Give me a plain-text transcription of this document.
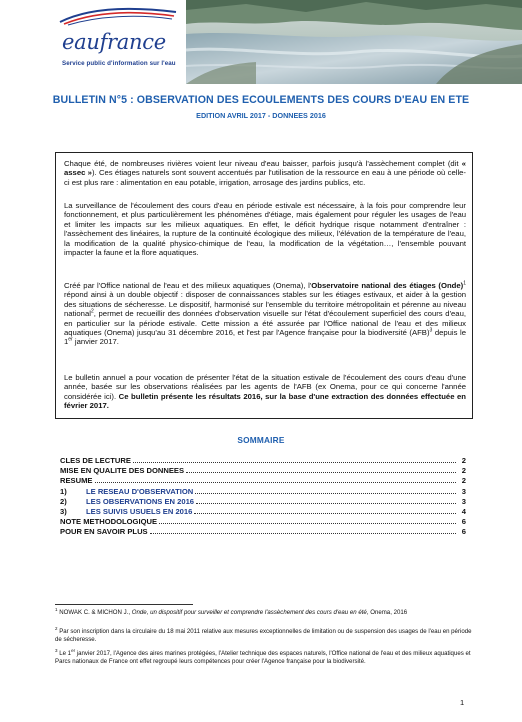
eaufrance
Service public d'information sur l'eau
BULLETIN N°5 : OBSERVATION DES ECOULEMENTS DES COURS D'EAU EN ETE
EDITION AVRIL 2017 - DONNEES 2016

Chaque été, de nombreuses rivières voient leur niveau d'eau baisser, parfois jusqu'à l'assèchement complet (dit « assec »). Ces étiages naturels sont souvent accentués par l'utilisation de la ressource en eau à une période où celle-ci est plus rare : alimentation en eau potable, irrigation, arrosage des jardins publics, etc.

La surveillance de l'écoulement des cours d'eau en période estivale est nécessaire, à la fois pour comprendre leur fonctionnement, et plus particulièrement les phénomènes d'étiage, mais également pour réguler les usages de l'eau et limiter les impacts sur les milieux aquatiques. En effet, le déficit hydrique risque notamment d'entraîner : l'assèchement des linéaires, la rupture de la continuité écologique des milieux, l'élévation de la température de l'eau, la modification de la qualité physico-chimique de l'eau, la modification de la végétation…, l'ensemble pouvant impacter la faune et la flore aquatiques.

Créé par l'Office national de l'eau et des milieux aquatiques (Onema), l'Observatoire national des étiages (Onde)$^1$ répond ainsi à un double objectif : disposer de connaissances stables sur les étiages estivaux, et aider à la gestion des situations de sécheresse. Le dispositif, harmonisé sur l'ensemble du territoire métropolitain et pérenne au niveau national$^2$, permet de recueillir des données d'observation visuelle sur l'état d'écoulement superficiel des cours d'eau, en particulier sur la période estivale. Cette mission a été assurée par l'Office national de l'eau et des milieux aquatiques (Onema) jusqu'au 31 décembre 2016, et l'est par l'Agence française pour la biodiversité (AFB)$^3$ depuis le 1er janvier 2017.

Le bulletin annuel a pour vocation de présenter l'état de la situation estivale de l'écoulement des cours d'eau d'une année, basée sur les observations réalisées par les agents de l'AFB (ex Onema, pour ce qui concerne l'année considérée ici). Ce bulletin présente les résultats 2016, sur la base d'une extraction des données effectuée en février 2017.

SOMMAIRE
CLES DE LECTURE	2
MISE EN QUALITE DES DONNEES	2
RESUME	2
1)	LE RESEAU D'OBSERVATION	3
2)	LES OBSERVATIONS EN 2016	3
3)	LES SUIVIS USUELS EN 2016	4
NOTE METHODOLOGIQUE	6
POUR EN SAVOIR PLUS	6
$^1$ NOWAK C. & MICHON J., Onde, un dispositif pour surveiller et comprendre l'assèchement des cours d'eau en été, Onema, 2016
$^2$ Par son inscription dans la circulaire du 18 mai 2011 relative aux mesures exceptionnelles de limitation ou de suspension des usages de l'eau en période de sécheresse.
$^3$ Le 1er janvier 2017, l'Agence des aires marines protégées, l'Atelier technique des espaces naturels, l'Office national de l'eau et des milieux aquatiques et Parcs nationaux de France ont effet regroupé leurs compétences pour créer l'Agence française pour la biodiversité.
1
